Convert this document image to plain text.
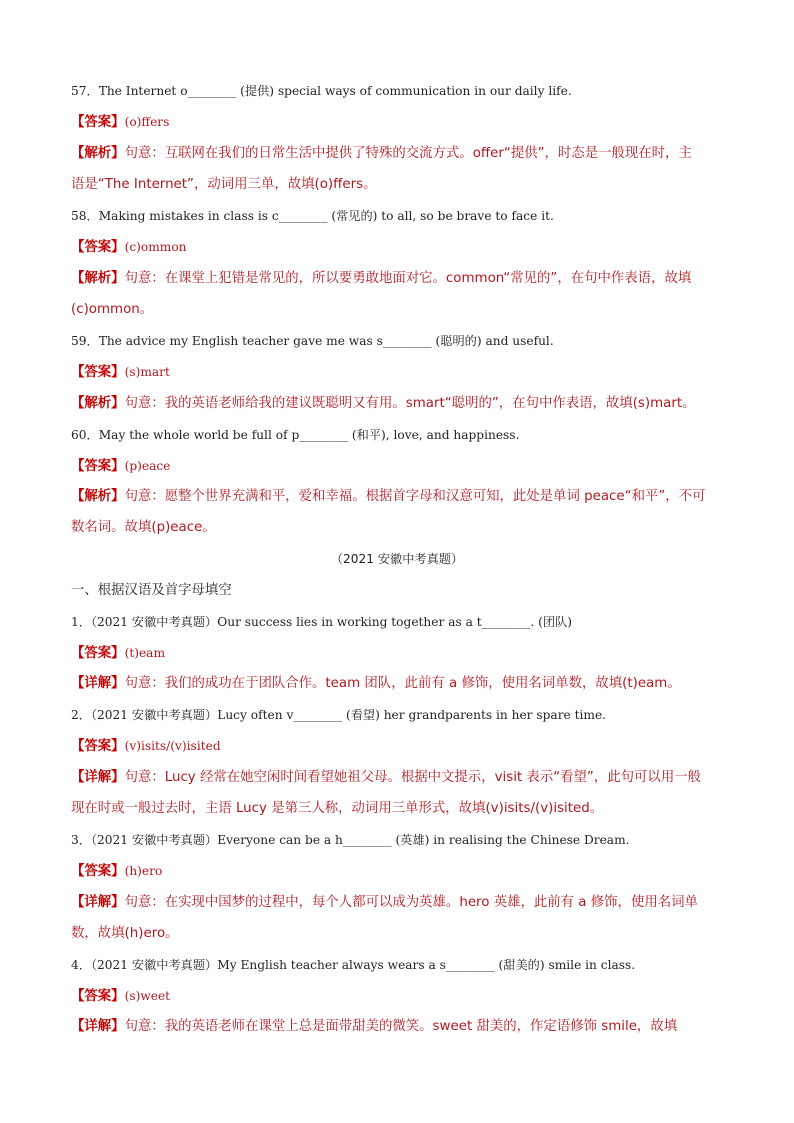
57．The Internet o________ (提供) special ways of communication in our daily life.
【答案】(o)ffers
【解析】句意：互联网在我们的日常生活中提供了特殊的交流方式。offer“提供”，时态是一般现在时，主
语是“The Internet”，动词用三单，故填(o)ffers。
58．Making mistakes in class is c________ (常见的) to all, so be brave to face it.
【答案】(c)ommon
【解析】句意：在课堂上犯错是常见的，所以要勇敢地面对它。common“常见的”，在句中作表语，故填
(c)ommon。
59．The advice my English teacher gave me was s________ (聪明的) and useful.
【答案】(s)mart
【解析】句意：我的英语老师给我的建议既聪明又有用。smart“聪明的”，在句中作表语，故填(s)mart。
60．May the whole world be full of p________ (和平), love, and happiness.
【答案】(p)eace
【解析】句意：愿整个世界充满和平，爱和幸福。根据首字母和汉意可知，此处是单词 peace“和平”，不可
数名词。故填(p)eace。
（2021 安徽中考真题）
一、根据汉语及首字母填空
1．（2021 安徽中考真题）Our success lies in working together as a t________. (团队)
【答案】(t)eam
【详解】句意：我们的成功在于团队合作。team 团队，此前有 a 修饰，使用名词单数，故填(t)eam。
2．（2021 安徽中考真题）Lucy often v________ (看望) her grandparents in her spare time.
【答案】(v)isits/(v)isited
【详解】句意：Lucy 经常在她空闲时间看望她祖父母。根据中文提示，visit 表示“看望”，此句可以用一般
现在时或一般过去时，主语 Lucy 是第三人称，动词用三单形式，故填(v)isits/(v)isited。
3．（2021 安徽中考真题）Everyone can be a h________ (英雄) in realising the Chinese Dream.
【答案】(h)ero
【详解】句意：在实现中国梦的过程中，每个人都可以成为英雄。hero 英雄，此前有 a 修饰，使用名词单
数，故填(h)ero。
4．（2021 安徽中考真题）My English teacher always wears a s________ (甜美的) smile in class.
【答案】(s)weet
【详解】句意：我的英语老师在课堂上总是面带甜美的微笑。sweet 甜美的，作定语修饰 smile，故填
